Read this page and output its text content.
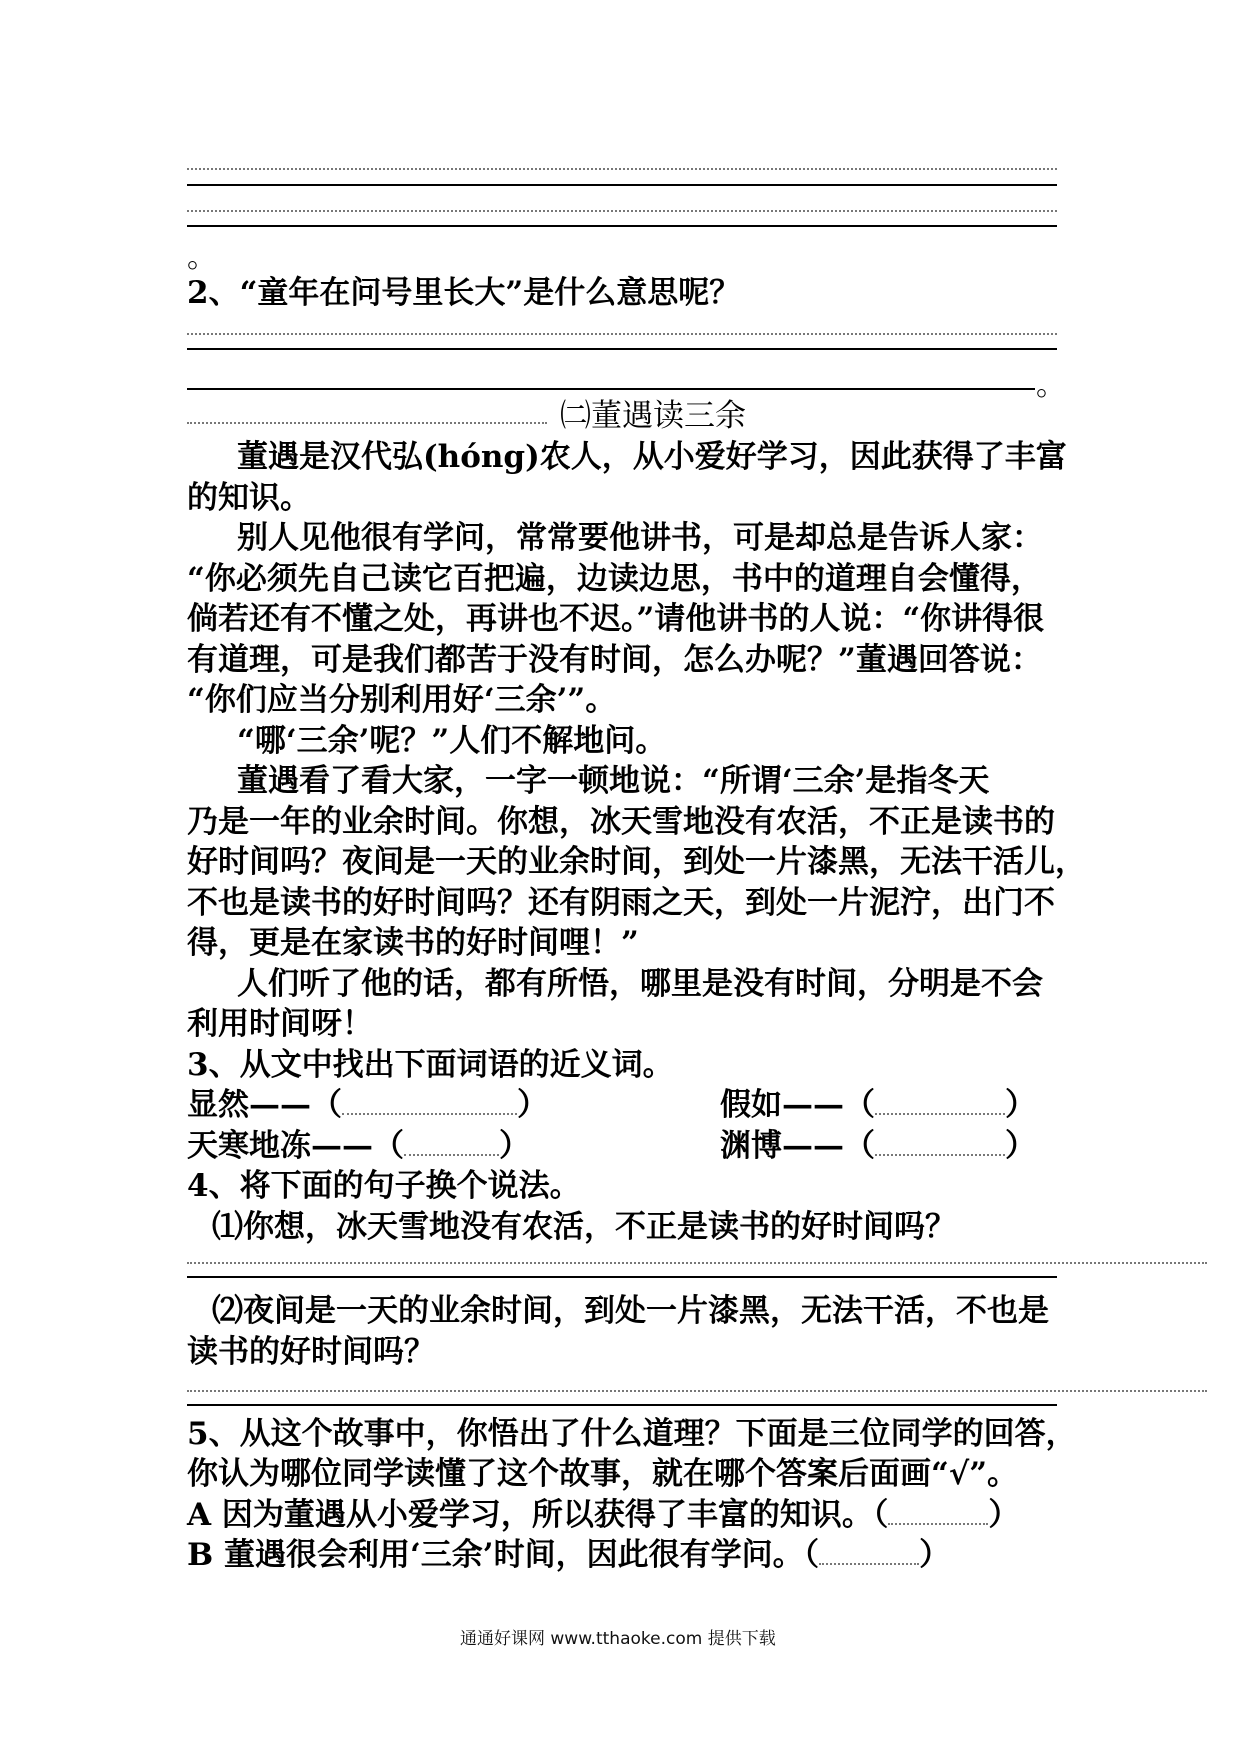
。
2、“童年在问号里长大”是什么意思呢？
。
㈡董遇读三余
董遇是汉代弘(hóng)农人，从小爱好学习，因此获得了丰富
的知识。
别人见他很有学问，常常要他讲书，可是却总是告诉人家：
“你必须先自己读它百把遍，边读边思，书中的道理自会懂得，
倘若还有不懂之处，再讲也不迟。”请他讲书的人说：“你讲得很
有道理，可是我们都苦于没有时间，怎么办呢？”董遇回答说：
“你们应当分别利用好‘三余’”。
“哪‘三余’呢？”人们不解地问。
董遇看了看大家，一字一顿地说：“所谓‘三余’是指冬天
乃是一年的业余时间。你想，冰天雪地没有农活，不正是读书的
好时间吗？夜间是一天的业余时间，到处一片漆黑，无法干活儿，
不也是读书的好时间吗？还有阴雨之天，到处一片泥泞，出门不
得，更是在家读书的好时间哩！”
人们听了他的话，都有所悟，哪里是没有时间，分明是不会
利用时间呀！
3、从文中找出下面词语的近义词。
显然——（	）	假如——（	）
天寒地冻——（	）	渊博——（	）
4、将下面的句子换个说法。
⑴你想，冰天雪地没有农活，不正是读书的好时间吗？
⑵夜间是一天的业余时间，到处一片漆黑，无法干活，不也是
读书的好时间吗？
5、从这个故事中，你悟出了什么道理？下面是三位同学的回答，
你认为哪位同学读懂了这个故事，就在哪个答案后面画“√”。
A 因为董遇从小爱学习，所以获得了丰富的知识。（	）
B 董遇很会利用‘三余’时间，因此很有学问。（	）
通通好课网 www.tthaoke.com 提供下载
